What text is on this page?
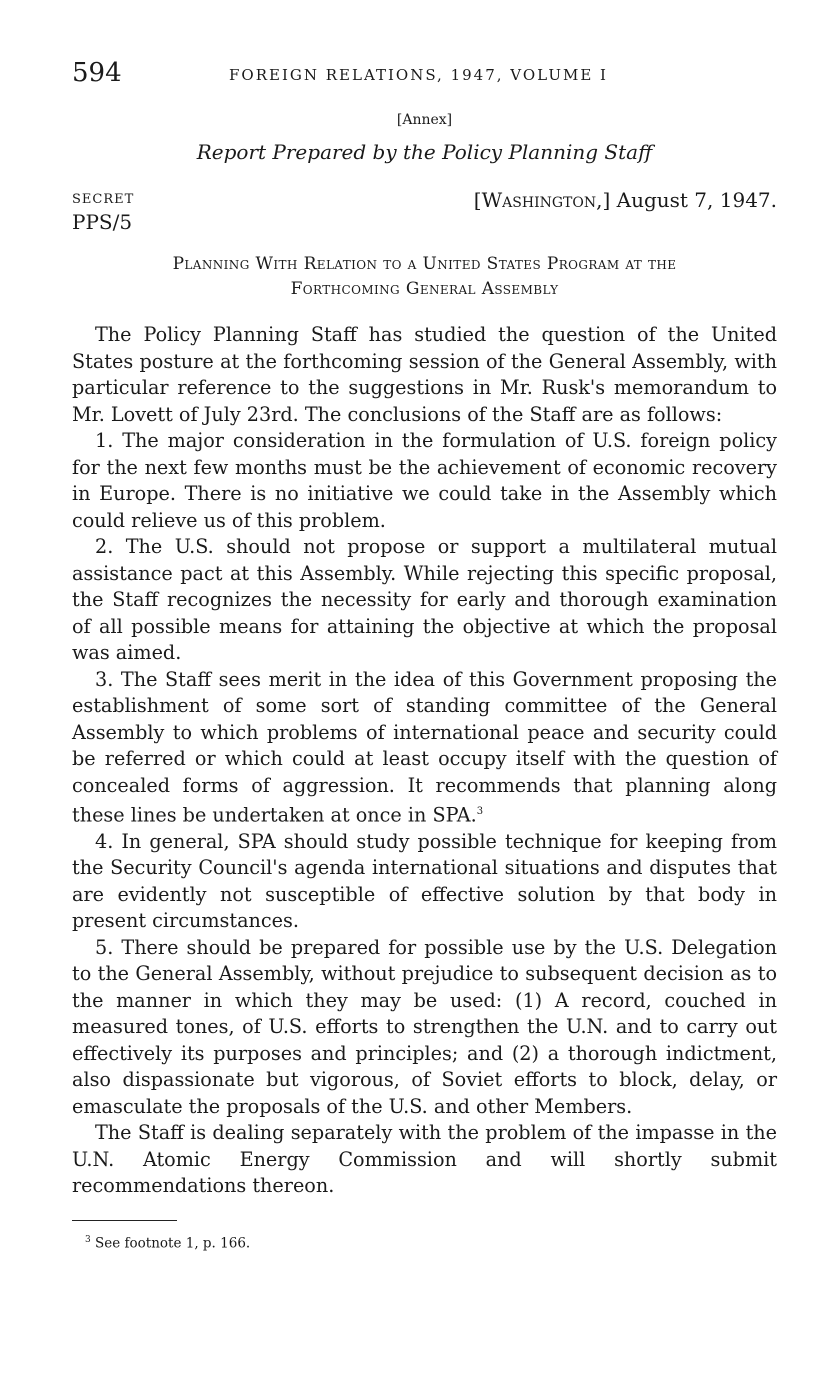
594	FOREIGN RELATIONS, 1947, VOLUME I
[Annex]
Report Prepared by the Policy Planning Staff
SECRET
PPS/5
[Washington,] August 7, 1947.
Planning With Relation to a United States Program at the
Forthcoming General Assembly

The Policy Planning Staff has studied the question of the United States posture at the forthcoming session of the General Assembly, with particular reference to the suggestions in Mr. Rusk's memorandum to Mr. Lovett of July 23rd. The conclusions of the Staff are as follows:

1. The major consideration in the formulation of U.S. foreign policy for the next few months must be the achievement of economic recovery in Europe. There is no initiative we could take in the Assembly which could relieve us of this problem.

2. The U.S. should not propose or support a multilateral mutual assistance pact at this Assembly. While rejecting this specific proposal, the Staff recognizes the necessity for early and thorough examination of all possible means for attaining the objective at which the proposal was aimed.

3. The Staff sees merit in the idea of this Government proposing the establishment of some sort of standing committee of the General Assembly to which problems of international peace and security could be referred or which could at least occupy itself with the question of concealed forms of aggression. It recommends that planning along these lines be undertaken at once in SPA.$^3$

4. In general, SPA should study possible technique for keeping from the Security Council's agenda international situations and disputes that are evidently not susceptible of effective solution by that body in present circumstances.

5. There should be prepared for possible use by the U.S. Delegation to the General Assembly, without prejudice to subsequent decision as to the manner in which they may be used: (1) A record, couched in measured tones, of U.S. efforts to strengthen the U.N. and to carry out effectively its purposes and principles; and (2) a thorough indictment, also dispassionate but vigorous, of Soviet efforts to block, delay, or emasculate the proposals of the U.S. and other Members.

The Staff is dealing separately with the problem of the impasse in the U.N. Atomic Energy Commission and will shortly submit recommendations thereon.

$^3$ See footnote 1, p. 166.
